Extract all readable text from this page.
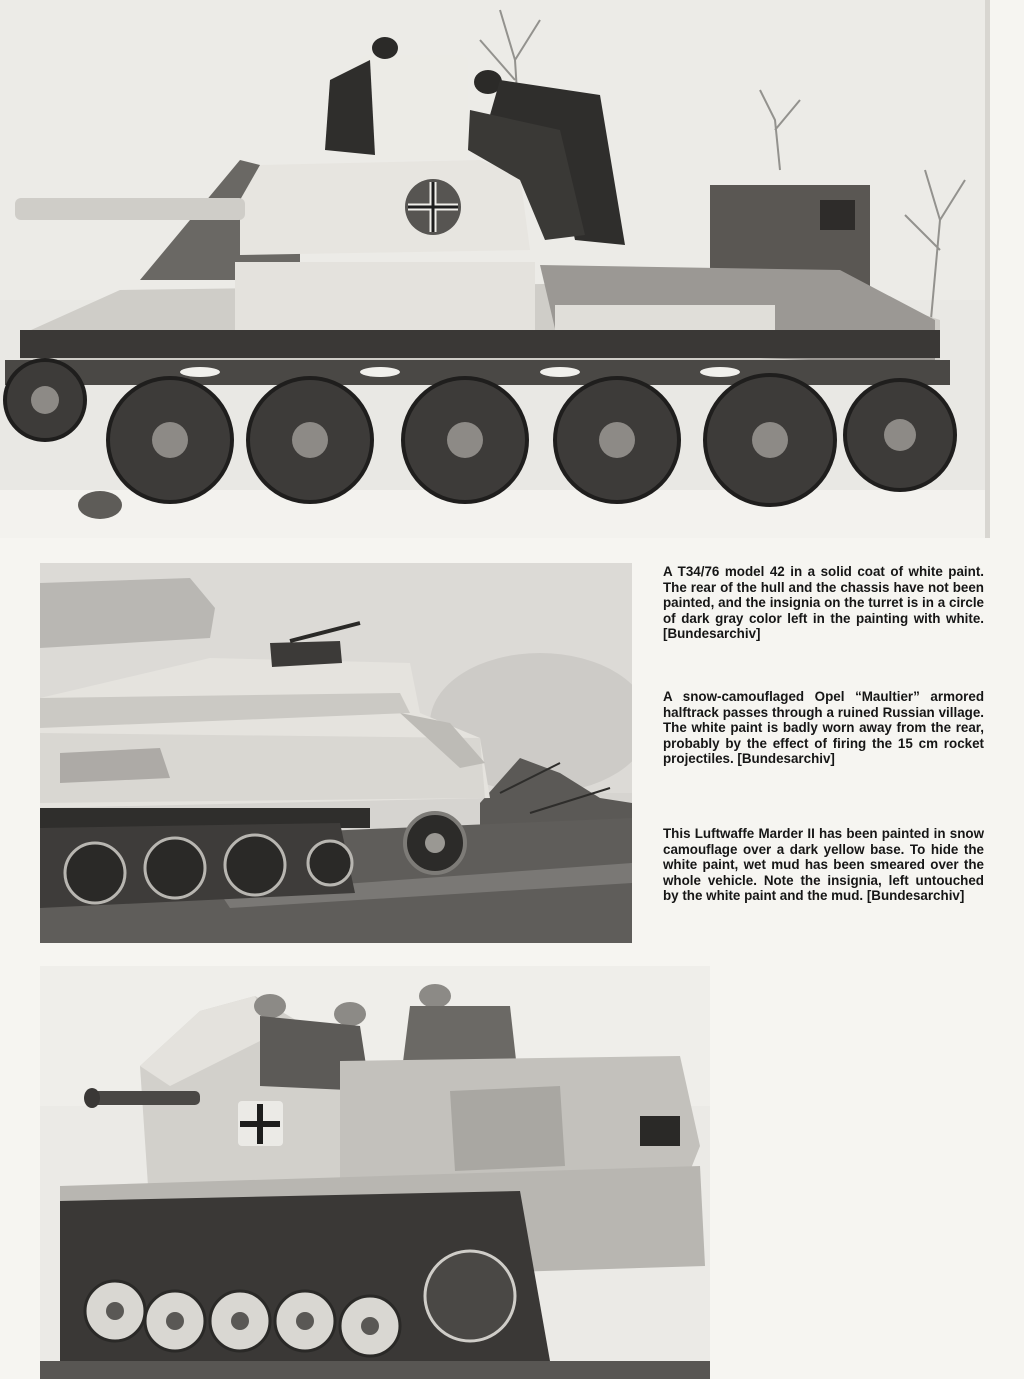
A T34/76 model 42 in a solid coat of white paint. The rear of the hull and the chassis have not been painted, and the insignia on the turret is in a circle of dark gray color left in the painting with white. [Bundesarchiv]

A snow-camouflaged Opel “Maultier” armored halftrack passes through a ruined Russian village. The white paint is badly worn away from the rear, probably by the effect of firing the 15 cm rocket projectiles. [Bundesarchiv]

This Luftwaffe Marder II has been painted in snow camouflage over a dark yellow base. To hide the white paint, wet mud has been smeared over the whole vehicle. Note the insignia, left untouched by the white paint and the mud. [Bundesarchiv]
